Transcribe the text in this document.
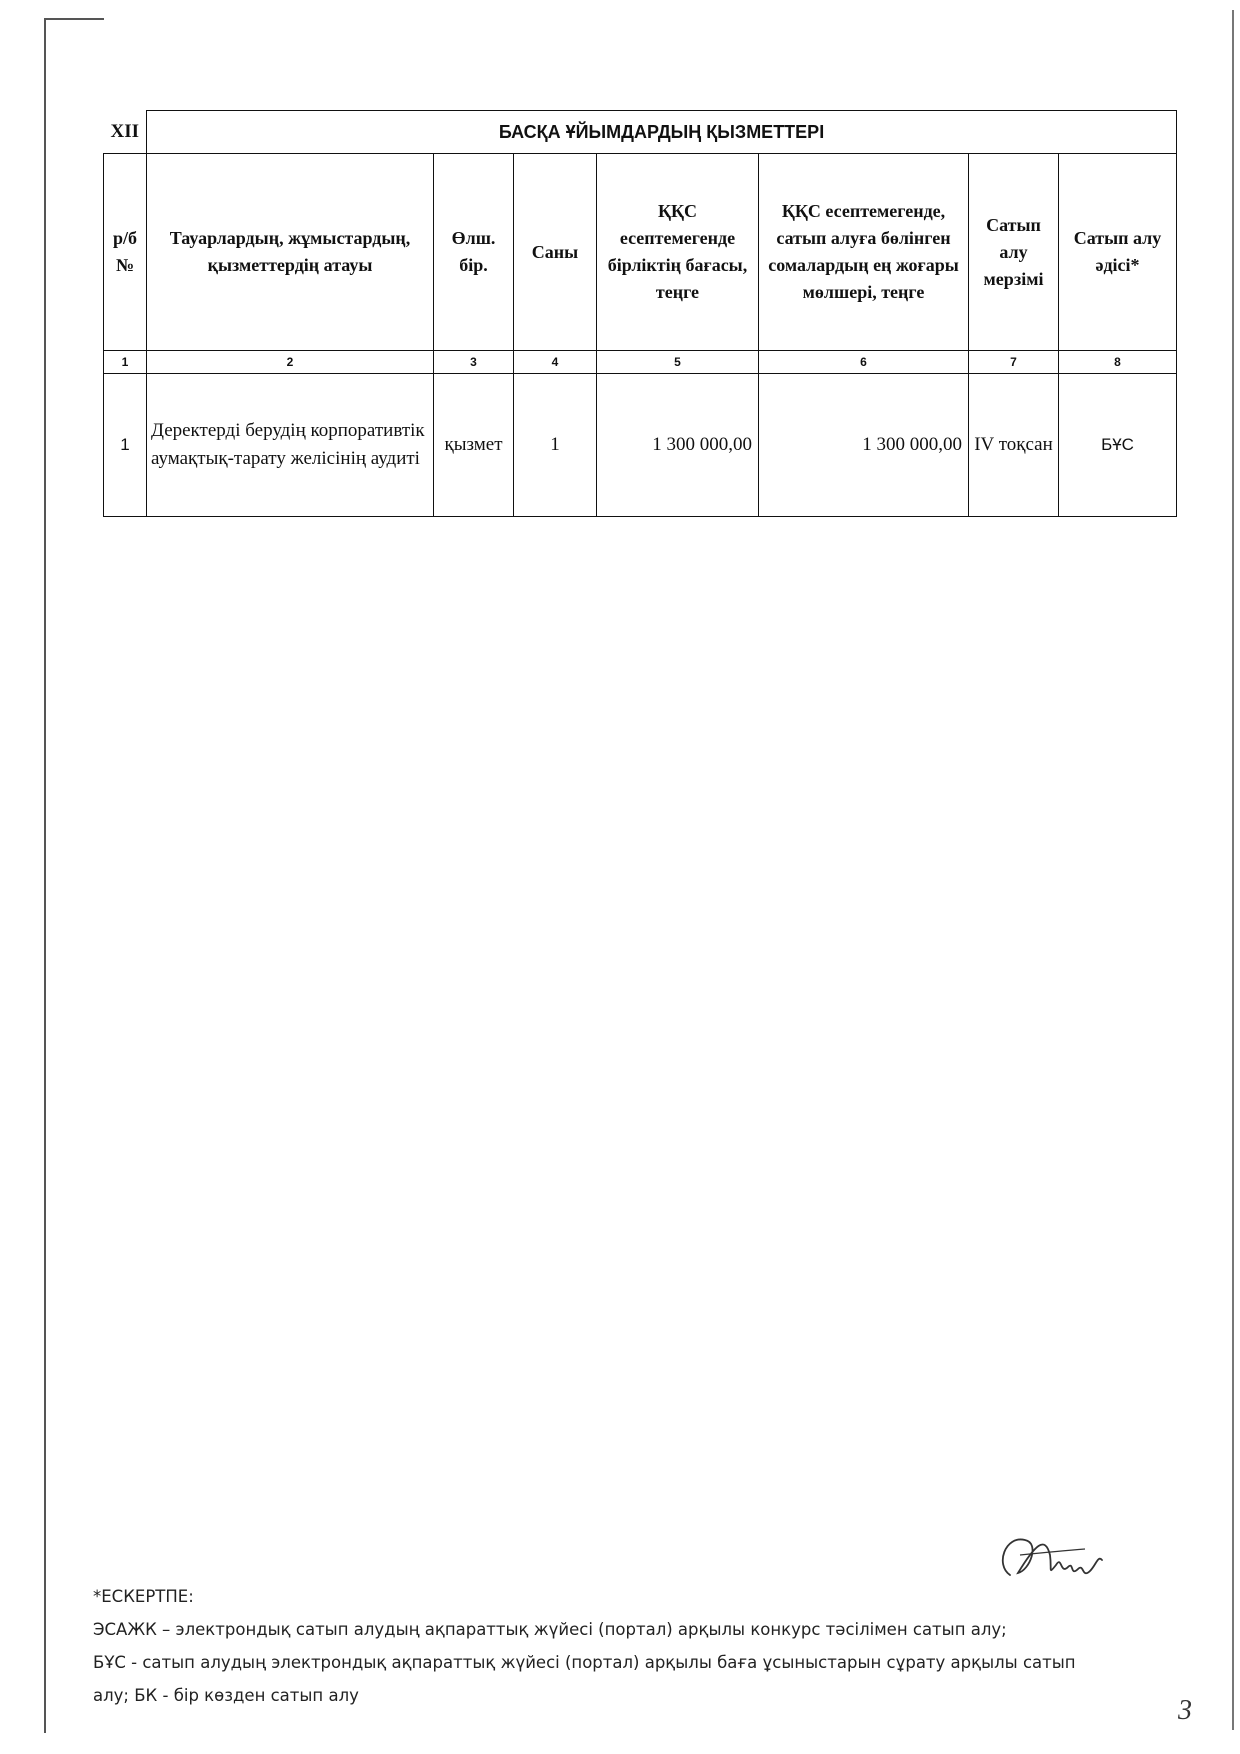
XII	БАСҚА ҰЙЫМДАРДЫҢ ҚЫЗМЕТТЕРІ						
р/б №	Тауарлардың, жұмыстардың, қызметтердің атауы	Өлш. бір.	Саны	ҚҚС есептемегенде бірліктің бағасы, теңге	ҚҚС есептемегенде, сатып алуға бөлінген сомалардың ең жоғары мөлшері, теңге	Сатып алу мерзімі	Сатып алу әдісі*
1	2	3	4	5	6	7	8
1	Деректерді берудің корпоративтік аумақтық-тарату желісінің аудиті	қызмет	1	1 300 000,00	1 300 000,00	IV тоқсан	БҰС
*ЕСКЕРТПЕ:
ЭСАЖК – электрондық сатып алудың ақпараттық жүйесі (портал) арқылы конкурс тәсілімен сатып алу;
БҰС - сатып алудың электрондық ақпараттық жүйесі (портал) арқылы баға ұсыныстарын сұрату арқылы сатып
алу; БК - бір көзден сатып алу	3
